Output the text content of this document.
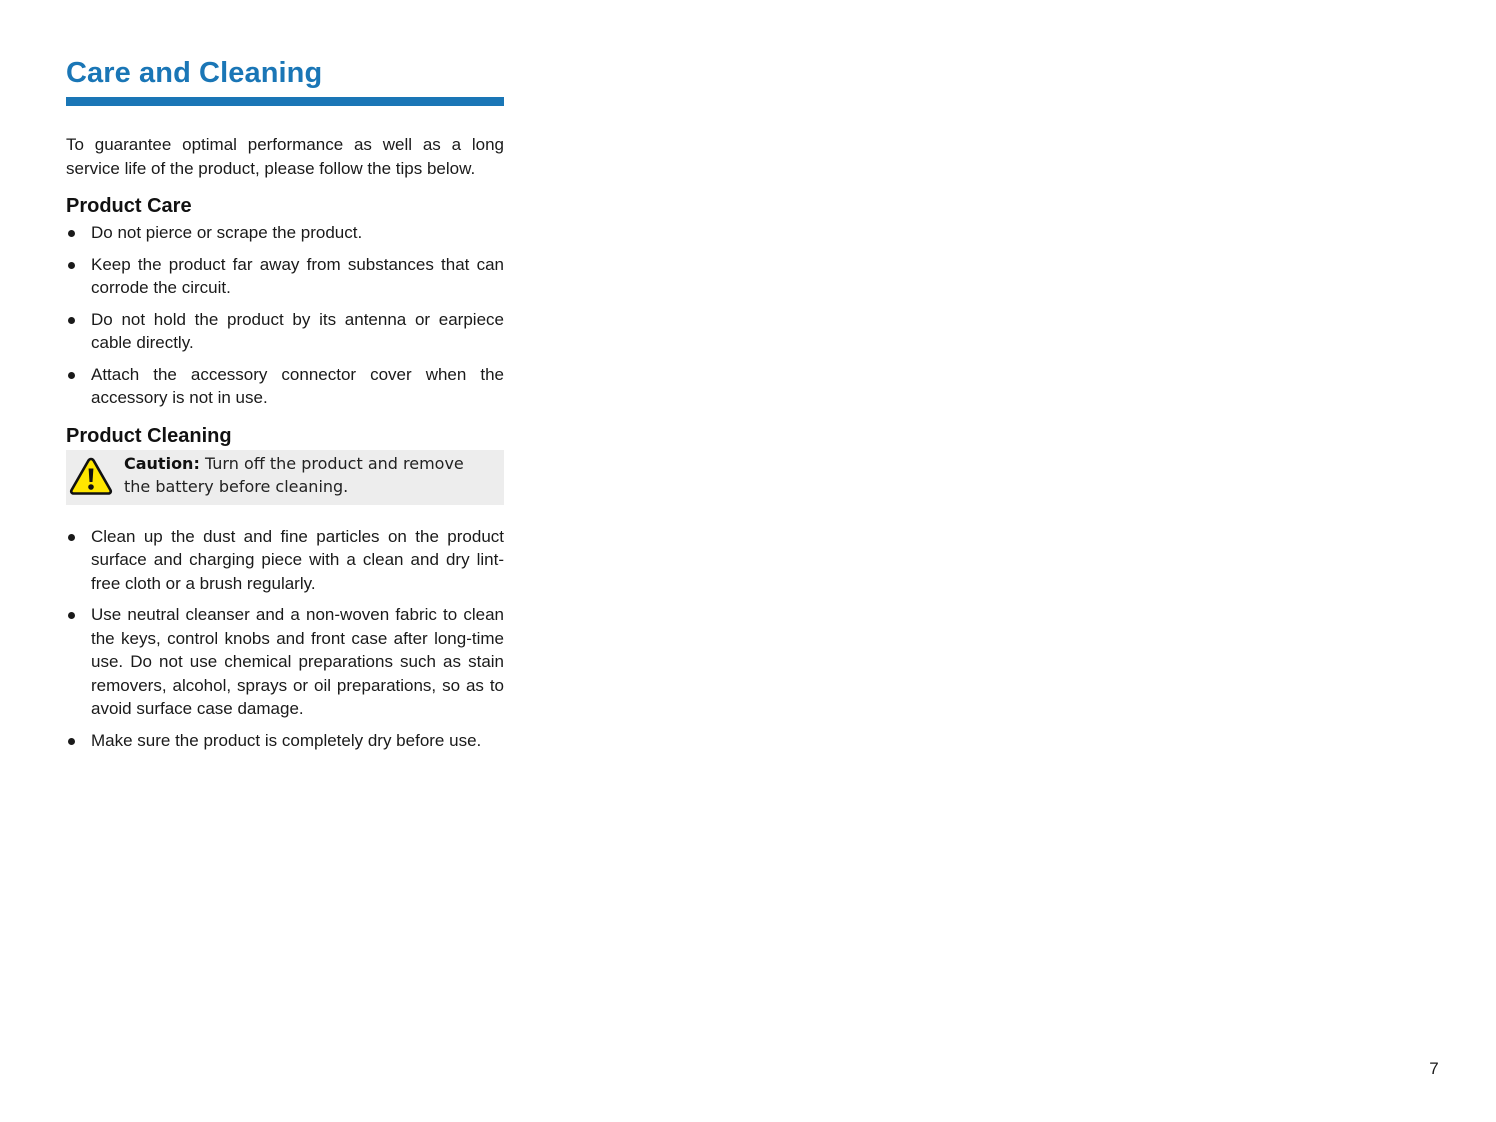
Care and Cleaning

To guarantee optimal performance as well as a long service life of the product, please follow the tips below.

Product Care
Do not pierce or scrape the product.
Keep the product far away from substances that can corrode the circuit.
Do not hold the product by its antenna or earpiece cable directly.
Attach the accessory connector cover when the accessory is not in use.
Product Cleaning
Caution: Turn off the product and remove the battery before cleaning.
Clean up the dust and fine particles on the product surface and charging piece with a clean and dry lint-free cloth or a brush regularly.
Use neutral cleanser and a non-woven fabric to clean the keys, control knobs and front case after long-time use. Do not use chemical preparations such as stain removers, alcohol, sprays or oil preparations, so as to avoid surface case damage.
Make sure the product is completely dry before use.
7
